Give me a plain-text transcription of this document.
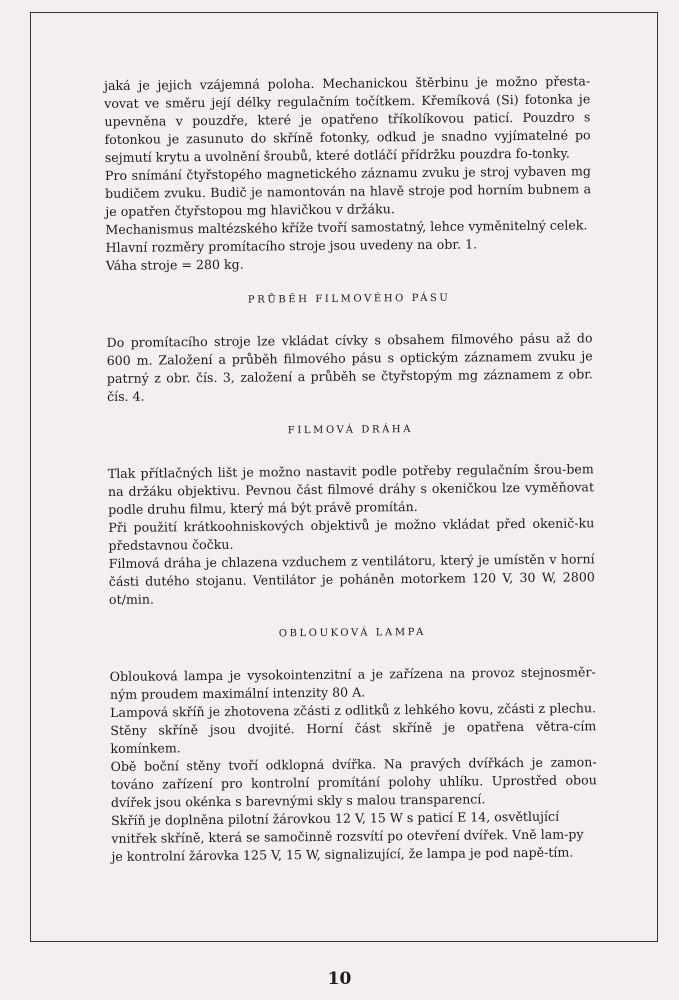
jaká je jejich vzájemná poloha. Mechanickou štěrbinu je možno přesta-vovat ve směru její délky regulačním točítkem. Křemíková (Si) fotonka je upevněna v pouzdře, které je opatřeno tříkolíkovou paticí. Pouzdro s fotonkou je zasunuto do skříně fotonky, odkud je snadno vyjímatelné po sejmutí krytu a uvolnění šroubů, které dotláčí přídržku pouzdra fo-tonky.

Pro snímání čtyřstopého magnetického záznamu zvuku je stroj vybaven mg budičem zvuku. Budič je namontován na hlavě stroje pod horním bubnem a je opatřen čtyřstopou mg hlavičkou v držáku.

Mechanismus maltézského kříže tvoří samostatný, lehce vyměnitelný celek.

Hlavní rozměry promítacího stroje jsou uvedeny na obr. 1.

Váha stroje = 280 kg.

PRŮBĚH FILMOVÉHO PÁSU

Do promítacího stroje lze vkládat cívky s obsahem filmového pásu až do 600 m. Založení a průběh filmového pásu s optickým záznamem zvuku je patrný z obr. čís. 3, založení a průběh se čtyřstopým mg záznamem z obr. čís. 4.

FILMOVÁ DRÁHA

Tlak přítlačných lišt je možno nastavit podle potřeby regulačním šrou-bem na držáku objektivu. Pevnou část filmové dráhy s okeničkou lze vyměňovat podle druhu filmu, který má být právě promítán.

Při použití krátkoohniskových objektivů je možno vkládat před okenič-ku představnou čočku.

Filmová dráha je chlazena vzduchem z ventilátoru, který je umístěn v horní části dutého stojanu. Ventilátor je poháněn motorkem 120 V, 30 W, 2800 ot/min.

OBLOUKOVÁ LAMPA

Oblouková lampa je vysokointenzitní a je zařízena na provoz stejnosměr-ným proudem maximální intenzity 80 A.

Lampová skříň je zhotovena zčásti z odlitků z lehkého kovu, zčásti z plechu. Stěny skříně jsou dvojité. Horní část skříně je opatřena větra-cím komínkem.

Obě boční stěny tvoří odklopná dvířka. Na pravých dvířkách je zamon-továno zařízení pro kontrolní promítání polohy uhlíku. Uprostřed obou dvířek jsou okénka s barevnými skly s malou transparencí.

Skříň je doplněna pilotní žárovkou 12 V, 15 W s paticí E 14, osvětlující vnitřek skříně, která se samočinně rozsvítí po otevření dvířek. Vně lam-py je kontrolní žárovka 125 V, 15 W, signalizující, že lampa je pod napě-tím.

10
